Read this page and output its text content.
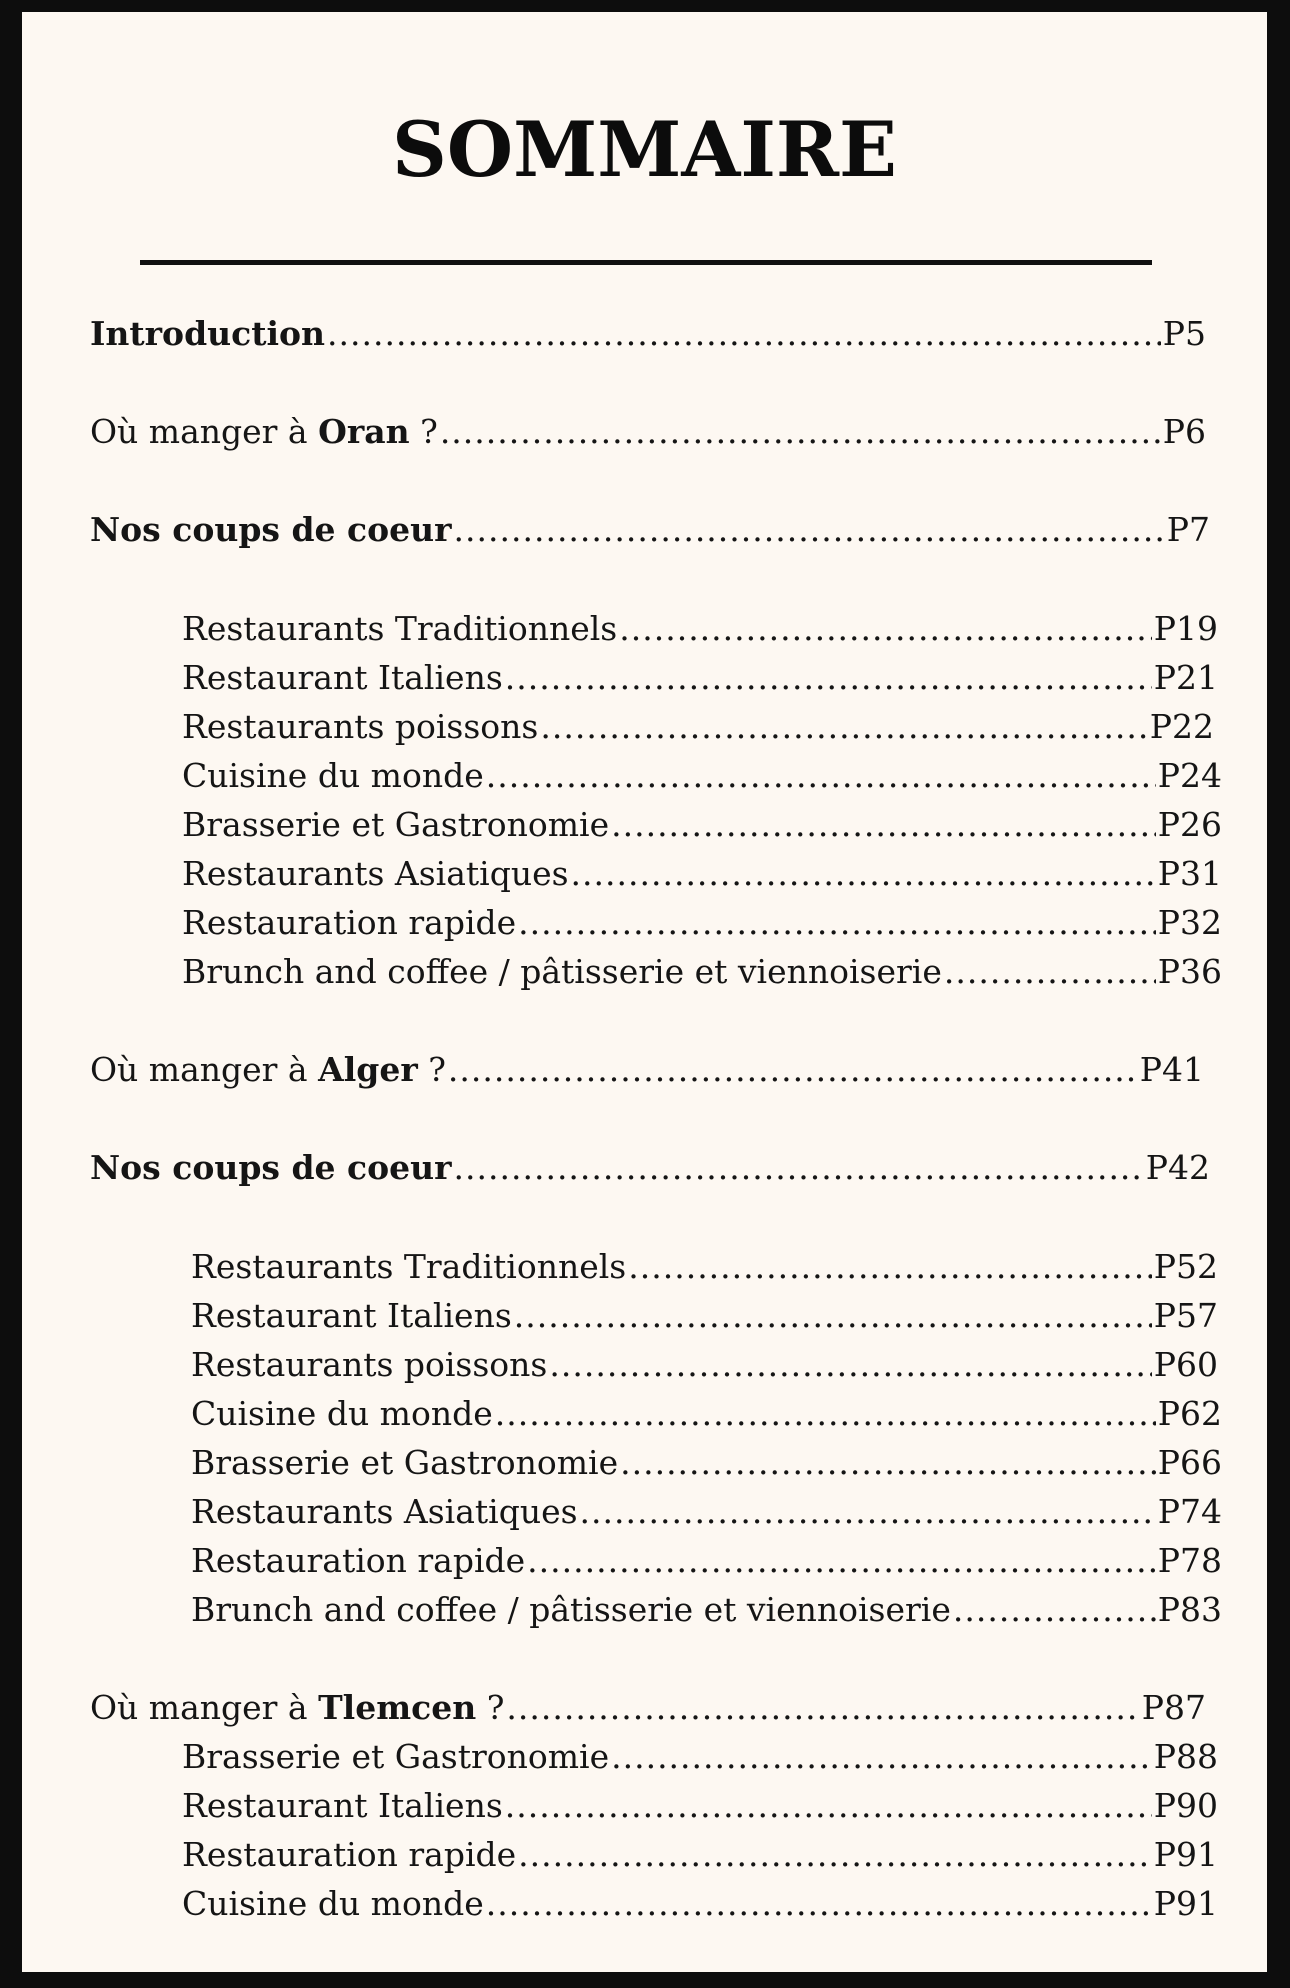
SOMMAIRE
Introduction .....	P5
Où manger à Oran ? .....	P6
Nos coups de coeur .....	P7
Restaurants Traditionnels .....	P19
Restaurant Italiens .....	P21
Restaurants poissons .....	P22
Cuisine du monde .....	P24
Brasserie et Gastronomie .....	P26
Restaurants Asiatiques .....	P31
Restauration rapide .....	P32
Brunch and coffee / pâtisserie et viennoiserie .....	P36
Où manger à Alger ? .....	P41
Nos coups de coeur .....	P42
Restaurants Traditionnels .....	P52
Restaurant Italiens .....	P57
Restaurants poissons .....	P60
Cuisine du monde .....	P62
Brasserie et Gastronomie .....	P66
Restaurants Asiatiques .....	P74
Restauration rapide .....	P78
Brunch and coffee / pâtisserie et viennoiserie .....	P83
Où manger à Tlemcen ? .....	P87
Brasserie et Gastronomie .....	P88
Restaurant Italiens .....	P90
Restauration rapide .....	P91
Cuisine du monde .....	P91
